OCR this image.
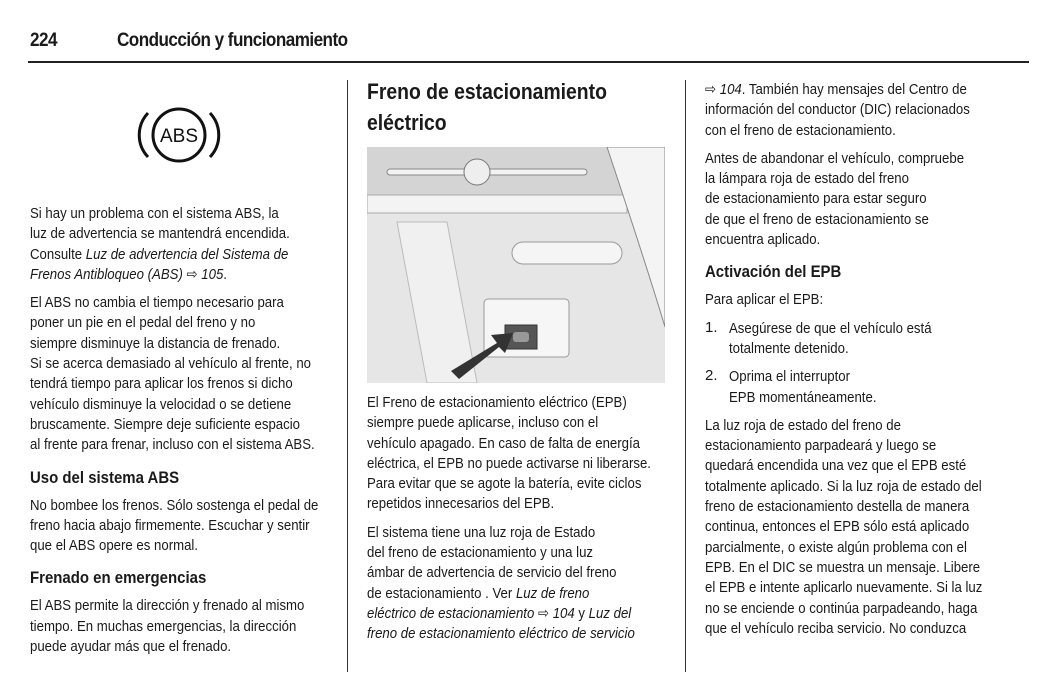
224	Conducción y funcionamiento
ABS
Si hay un problema con el sistema ABS, la
luz de advertencia se mantendrá encendida.
Consulte Luz de advertencia del Sistema de
Frenos Antibloqueo (ABS) ⇨ 105.
El ABS no cambia el tiempo necesario para
poner un pie en el pedal del freno y no
siempre disminuye la distancia de frenado.
Si se acerca demasiado al vehículo al frente, no
tendrá tiempo para aplicar los frenos si dicho
vehículo disminuye la velocidad o se detiene
bruscamente. Siempre deje suficiente espacio
al frente para frenar, incluso con el sistema ABS.
Uso del sistema ABS
No bombee los frenos. Sólo sostenga el pedal de
freno hacia abajo firmemente. Escuchar y sentir
que el ABS opere es normal.
Frenado en emergencias
El ABS permite la dirección y frenado al mismo
tiempo. En muchas emergencias, la dirección
puede ayudar más que el frenado.
Freno de estacionamiento
eléctrico
El Freno de estacionamiento eléctrico (EPB)
siempre puede aplicarse, incluso con el
vehículo apagado. En caso de falta de energía
eléctrica, el EPB no puede activarse ni liberarse.
Para evitar que se agote la batería, evite ciclos
repetidos innecesarios del EPB.
El sistema tiene una luz roja de Estado
del freno de estacionamiento y una luz
ámbar de advertencia de servicio del freno
de estacionamiento . Ver Luz de freno
eléctrico de estacionamiento ⇨ 104 y Luz del
freno de estacionamiento eléctrico de servicio
⇨ 104. También hay mensajes del Centro de
información del conductor (DIC) relacionados
con el freno de estacionamiento.
Antes de abandonar el vehículo, compruebe
la lámpara roja de estado del freno
de estacionamiento para estar seguro
de que el freno de estacionamiento se
encuentra aplicado.
Activación del EPB
Para aplicar el EPB:
1. Asegúrese de que el vehículo está
totalmente detenido.
2. Oprima el interruptor
EPB momentáneamente.
La luz roja de estado del freno de
estacionamiento parpadeará y luego se
quedará encendida una vez que el EPB esté
totalmente aplicado. Si la luz roja de estado del
freno de estacionamiento destella de manera
continua, entonces el EPB sólo está aplicado
parcialmente, o existe algún problema con el
EPB. En el DIC se muestra un mensaje. Libere
el EPB e intente aplicarlo nuevamente. Si la luz
no se enciende o continúa parpadeando, haga
que el vehículo reciba servicio. No conduzca
